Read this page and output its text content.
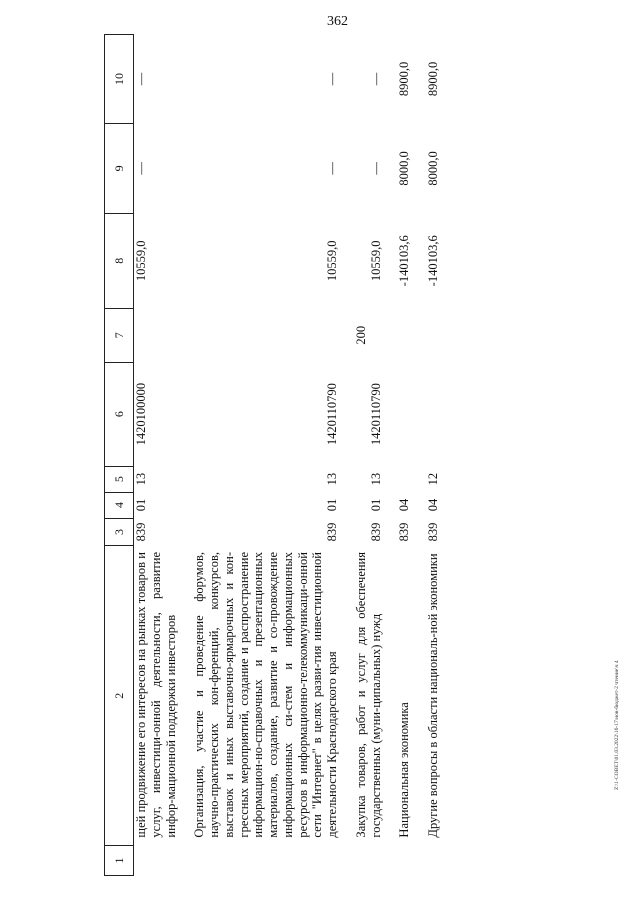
362
Z:\1-СОВЕТ\01.03.2022\16-17\нов-бюджет-2 чтение\ч 4
1	2	3	4	5	6	7	8	9	10
	щей продвижение его интересов на рынках товаров и услуг, инвестици-онной деятельности, развитие инфор-мационной поддержки инвесторов	839	01	13	1420100000		10559,0	—	—

	Организация, участие и проведение форумов, научно-практических кон-ференций, конкурсов, выставок и иных выставочно-ярмарочных и кон-грессных мероприятий, создание и распространение информацион-но-справочных и презентационных материалов, создание, развитие и со-провождение информационных си-стем и информационных ресурсов в информационно-телекоммуникаци-онной сети "Интернет" в целях разви-тия инвестиционной деятельности Краснодарского края	839	01	13	1420110790		10559,0	—	—

	Закупка товаров, работ и услуг для обеспечения государственных (муни-ципальных) нужд	839	01	13	1420110790	200	10559,0	—	—

	Национальная экономика	839	04				-140103,6	8000,0	8900,0

	Другие вопросы в области националь-ной экономики	839	04	12			-140103,6	8000,0	8900,0
